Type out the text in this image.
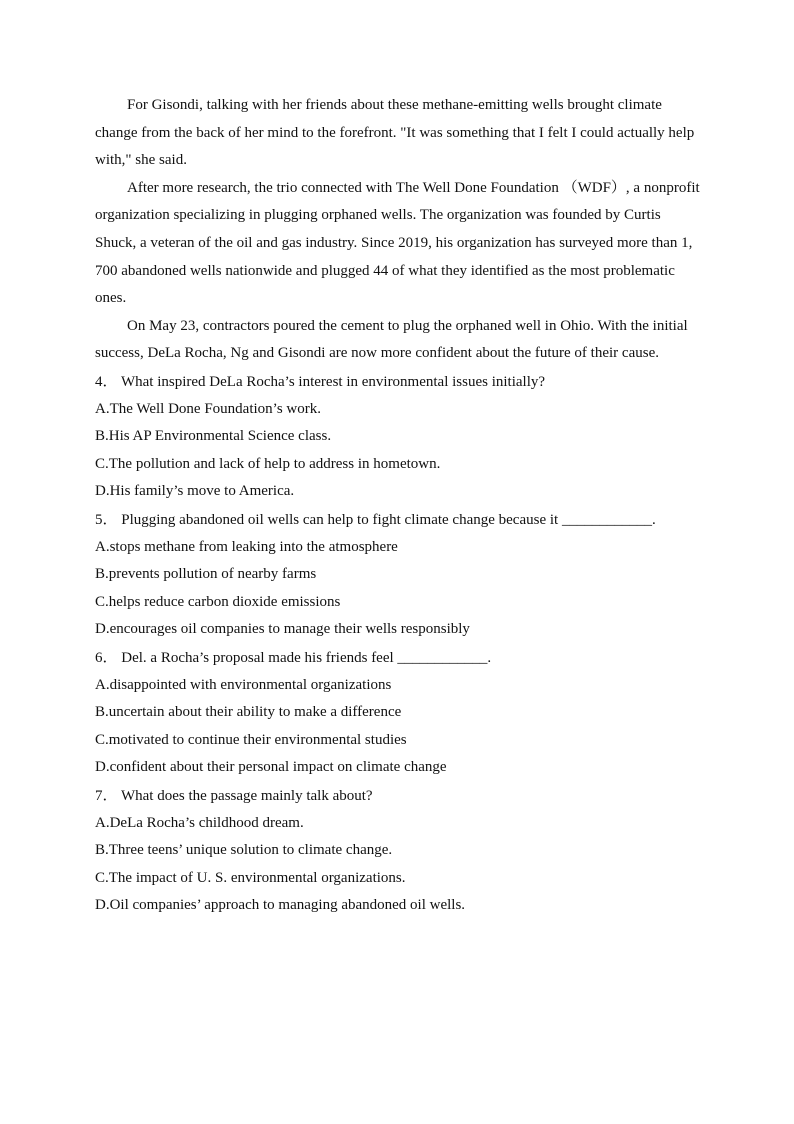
For Gisondi, talking with her friends about these methane-emitting wells brought climate change from the back of her mind to the forefront. "It was something that I felt I could actually help with," she said.

After more research, the trio connected with The Well Done Foundation （WDF）, a nonprofit organization specializing in plugging orphaned wells. The organization was founded by Curtis Shuck, a veteran of the oil and gas industry. Since 2019, his organization has surveyed more than 1, 700 abandoned wells nationwide and plugged 44 of what they identified as the most problematic ones.

On May 23, contractors poured the cement to plug the orphaned well in Ohio. With the initial success, DeLa Rocha, Ng and Gisondi are now more confident about the future of their cause.

4． What inspired DeLa Rocha’s interest in environmental issues initially?

A.The Well Done Foundation’s work.

B.His AP Environmental Science class.

C.The pollution and lack of help to address in hometown.

D.His family’s move to America.

5． Plugging abandoned oil wells can help to fight climate change because it ____________.

A.stops methane from leaking into the atmosphere

B.prevents pollution of nearby farms

C.helps reduce carbon dioxide emissions

D.encourages oil companies to manage their wells responsibly

6． Del. a Rocha’s proposal made his friends feel ____________.

A.disappointed with environmental organizations

B.uncertain about their ability to make a difference

C.motivated to continue their environmental studies

D.confident about their personal impact on climate change

7． What does the passage mainly talk about?

A.DeLa Rocha’s childhood dream.

B.Three teens’ unique solution to climate change.

C.The impact of U. S. environmental organizations.

D.Oil companies’ approach to managing abandoned oil wells.
